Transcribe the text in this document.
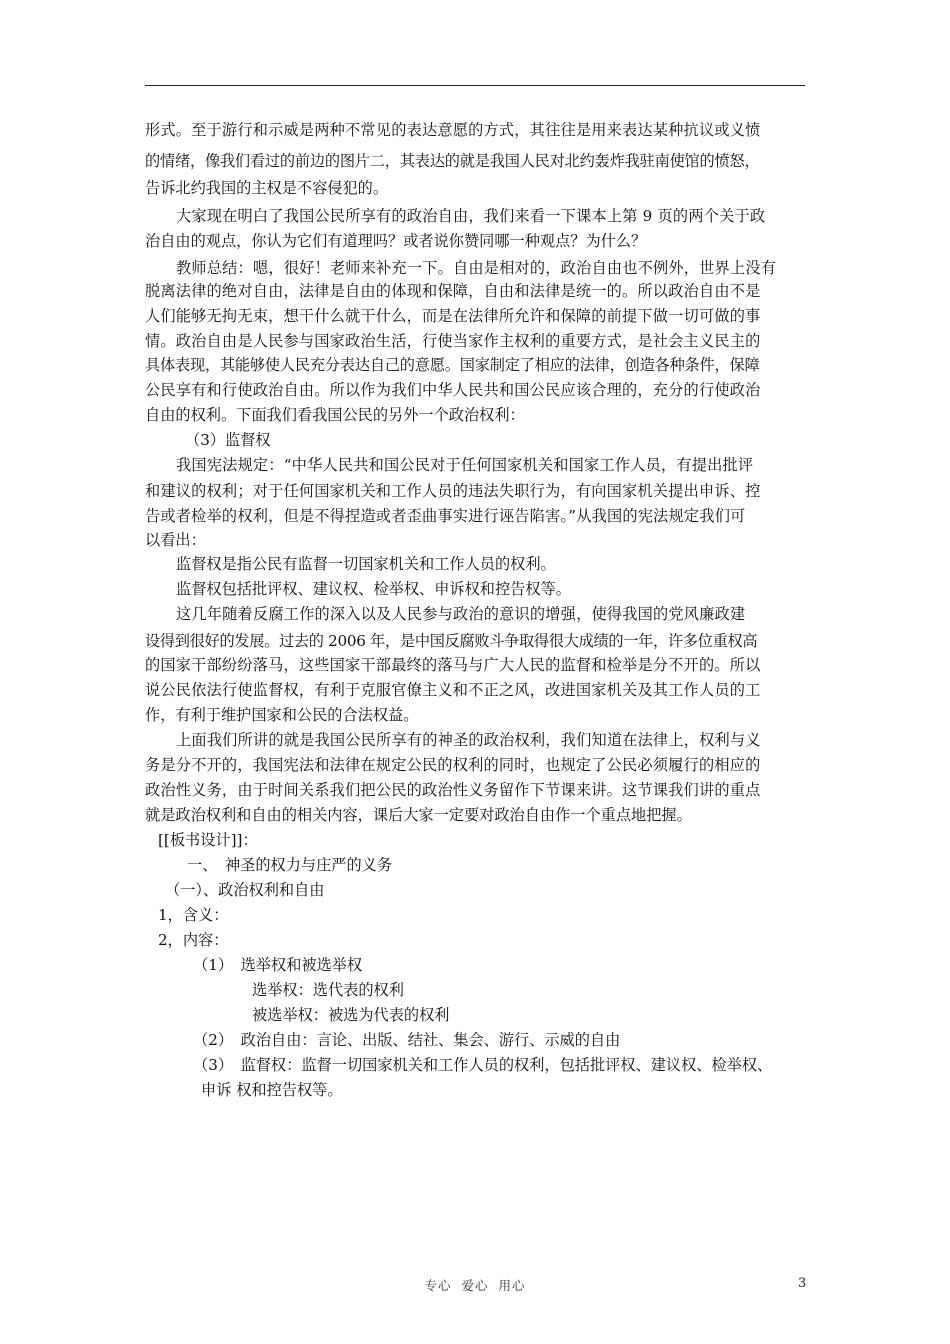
形式。至于游行和示威是两种不常见的表达意愿的方式，其往往是用来表达某种抗议或义愤
的情绪，像我们看过的前边的图片二，其表达的就是我国人民对北约轰炸我驻南使馆的愤怒，
告诉北约我国的主权是不容侵犯的。
大家现在明白了我国公民所享有的政治自由，我们来看一下课本上第 9 页的两个关于政
治自由的观点，你认为它们有道理吗？或者说你赞同哪一种观点？为什么？
教师总结：嗯，很好！老师来补充一下。自由是相对的，政治自由也不例外，世界上没有
脱离法律的绝对自由，法律是自由的体现和保障，自由和法律是统一的。所以政治自由不是
人们能够无拘无束，想干什么就干什么，而是在法律所允许和保障的前提下做一切可做的事
情。政治自由是人民参与国家政治生活，行使当家作主权利的重要方式，是社会主义民主的
具体表现，其能够使人民充分表达自己的意愿。国家制定了相应的法律，创造各种条件，保障
公民享有和行使政治自由。所以作为我们中华人民共和国公民应该合理的，充分的行使政治
自由的权利。下面我们看我国公民的另外一个政治权利：
（3）监督权
我国宪法规定：“中华人民共和国公民对于任何国家机关和国家工作人员，有提出批评
和建议的权利；对于任何国家机关和工作人员的违法失职行为，有向国家机关提出申诉、控
告或者检举的权利，但是不得捏造或者歪曲事实进行诬告陷害。”从我国的宪法规定我们可
以看出：
监督权是指公民有监督一切国家机关和工作人员的权利。
监督权包括批评权、建议权、检举权、申诉权和控告权等。
这几年随着反腐工作的深入以及人民参与政治的意识的增强，使得我国的党风廉政建
设得到很好的发展。过去的 2006 年，是中国反腐败斗争取得很大成绩的一年，许多位重权高
的国家干部纷纷落马，这些国家干部最终的落马与广大人民的监督和检举是分不开的。所以
说公民依法行使监督权，有利于克服官僚主义和不正之风，改进国家机关及其工作人员的工
作，有利于维护国家和公民的合法权益。
上面我们所讲的就是我国公民所享有的神圣的政治权利，我们知道在法律上，权利与义
务是分不开的，我国宪法和法律在规定公民的权利的同时，也规定了公民必须履行的相应的
政治性义务，由于时间关系我们把公民的政治性义务留作下节课来讲。这节课我们讲的重点
就是政治权利和自由的相关内容，课后大家一定要对政治自由作一个重点地把握。
[[板书设计]]：
一、　神圣的权力与庄严的义务
（一）、政治权利和自由
1，含义：
2，内容：
（1）　选举权和被选举权
选举权：选代表的权利
被选举权：被选为代表的权利
（2）　政治自由：言论、出版、结社、集会、游行、示威的自由
（3）　监督权：监督一切国家机关和工作人员的权利，包括批评权、建议权、检举权、
申诉 权和控告权等。
专心  爱心  用心	3
